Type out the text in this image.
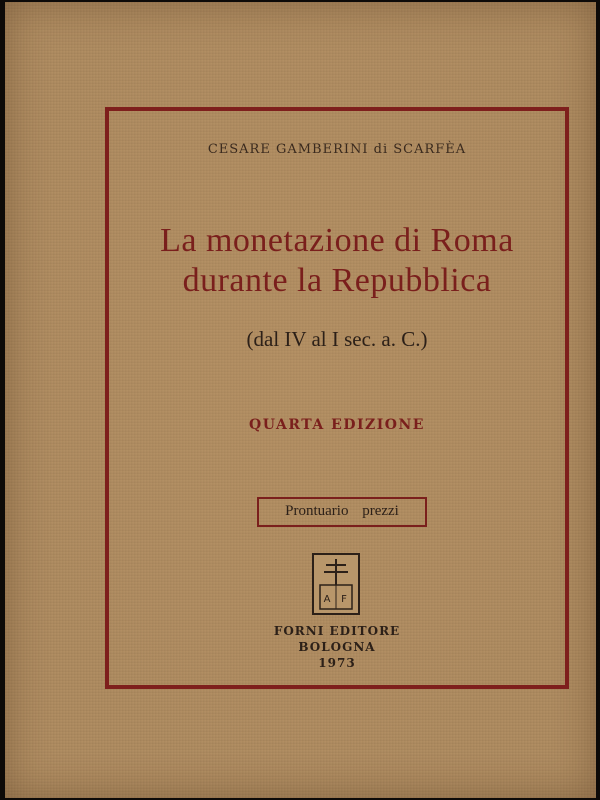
CESARE GAMBERINI di SCARFÈA
La monetazione di Roma
durante la Repubblica
(dal IV al I sec. a. C.)
QUARTA EDIZIONE
Prontuario prezzi
A F
FORNI EDITORE
BOLOGNA
1973
